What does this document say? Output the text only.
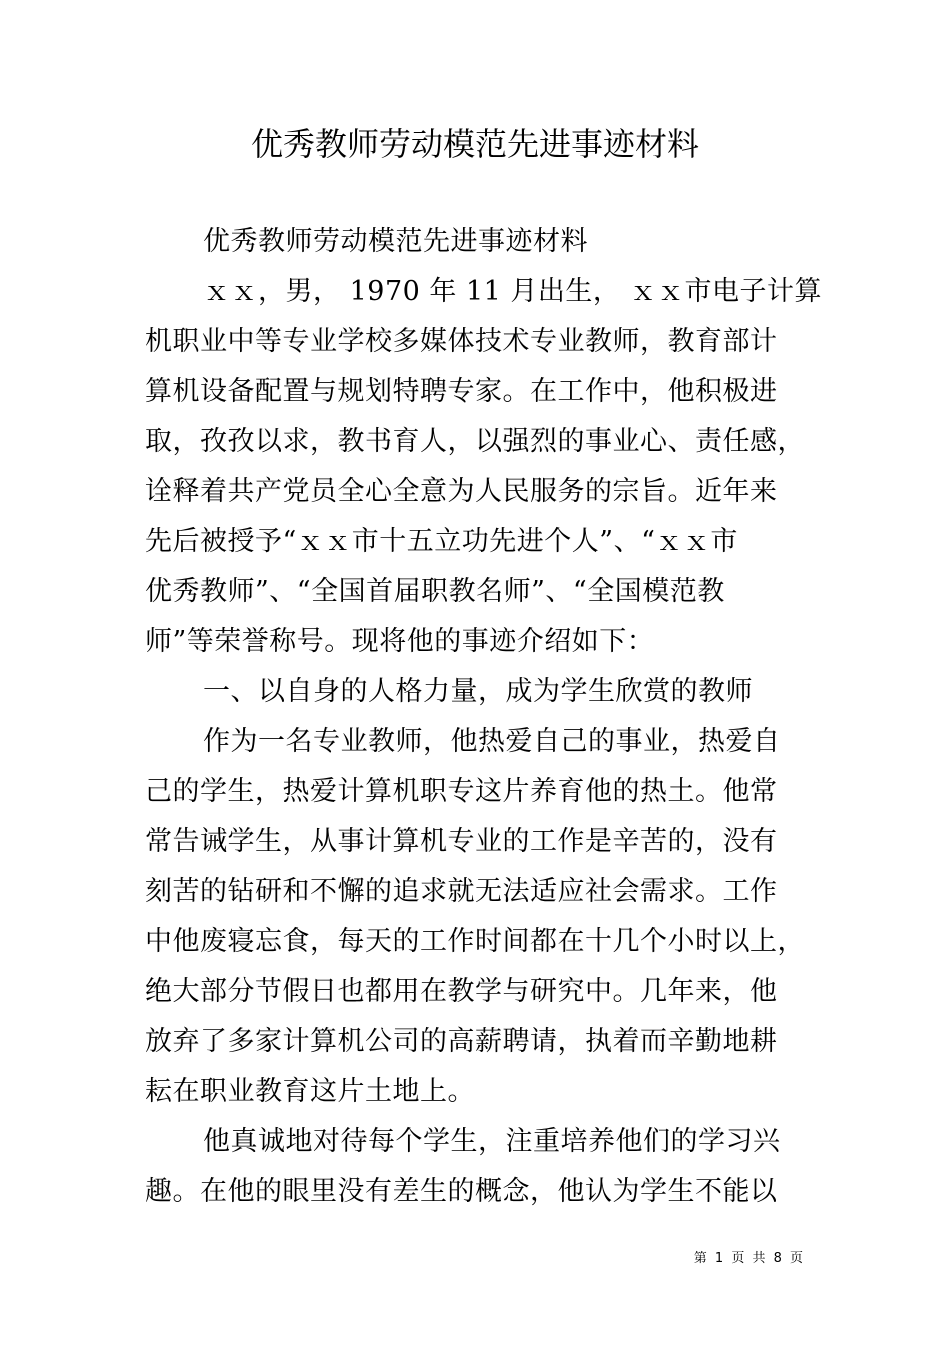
优秀教师劳动模范先进事迹材料
优秀教师劳动模范先进事迹材料
ｘｘ，男， 1970 年 11 月出生， ｘｘ市电子计算
机职业中等专业学校多媒体技术专业教师，教育部计
算机设备配置与规划特聘专家。在工作中，他积极进
取，孜孜以求，教书育人，以强烈的事业心、责任感，
诠释着共产党员全心全意为人民服务的宗旨。近年来
先后被授予“ｘｘ市十五立功先进个人”、“ｘｘ市
优秀教师”、“全国首届职教名师”、“全国模范教
师”等荣誉称号。现将他的事迹介绍如下：
一、以自身的人格力量，成为学生欣赏的教师
作为一名专业教师，他热爱自己的事业，热爱自
己的学生，热爱计算机职专这片养育他的热土。他常
常告诫学生，从事计算机专业的工作是辛苦的，没有
刻苦的钻研和不懈的追求就无法适应社会需求。工作
中他废寝忘食，每天的工作时间都在十几个小时以上，
绝大部分节假日也都用在教学与研究中。几年来，他
放弃了多家计算机公司的高薪聘请，执着而辛勤地耕
耘在职业教育这片土地上。
他真诚地对待每个学生，注重培养他们的学习兴
趣。在他的眼里没有差生的概念，他认为学生不能以
第 1 页 共 8 页
